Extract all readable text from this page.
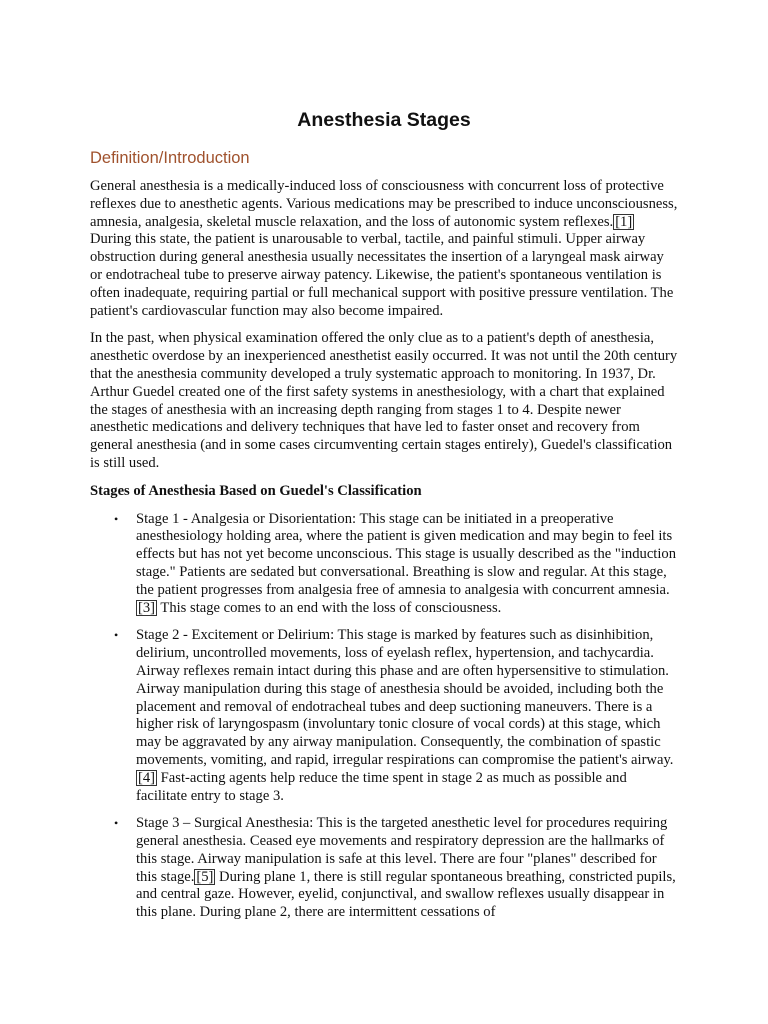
Anesthesia Stages
Definition/Introduction

General anesthesia is a medically-induced loss of consciousness with concurrent loss of protective reflexes due to anesthetic agents. Various medications may be prescribed to induce unconsciousness, amnesia, analgesia, skeletal muscle relaxation, and the loss of autonomic system reflexes. [1] During this state, the patient is unarousable to verbal, tactile, and painful stimuli. Upper airway obstruction during general anesthesia usually necessitates the insertion of a laryngeal mask airway or endotracheal tube to preserve airway patency. Likewise, the patient's spontaneous ventilation is often inadequate, requiring partial or full mechanical support with positive pressure ventilation. The patient's cardiovascular function may also become impaired.

In the past, when physical examination offered the only clue as to a patient's depth of anesthesia, anesthetic overdose by an inexperienced anesthetist easily occurred. It was not until the 20th century that the anesthesia community developed a truly systematic approach to monitoring. In 1937, Dr. Arthur Guedel created one of the first safety systems in anesthesiology, with a chart that explained the stages of anesthesia with an increasing depth ranging from stages 1 to 4. Despite newer anesthetic medications and delivery techniques that have led to faster onset and recovery from general anesthesia (and in some cases circumventing certain stages entirely), Guedel's classification is still used.

Stages of Anesthesia Based on Guedel's Classification
• Stage 1 - Analgesia or Disorientation: This stage can be initiated in a preoperative anesthesiology holding area, where the patient is given medication and may begin to feel its effects but has not yet become unconscious. This stage is usually described as the "induction stage." Patients are sedated but conversational. Breathing is slow and regular. At this stage, the patient progresses from analgesia free of amnesia to analgesia with concurrent amnesia.[3] This stage comes to an end with the loss of consciousness.
• Stage 2 - Excitement or Delirium: This stage is marked by features such as disinhibition, delirium, uncontrolled movements, loss of eyelash reflex, hypertension, and tachycardia. Airway reflexes remain intact during this phase and are often hypersensitive to stimulation. Airway manipulation during this stage of anesthesia should be avoided, including both the placement and removal of endotracheal tubes and deep suctioning maneuvers. There is a higher risk of laryngospasm (involuntary tonic closure of vocal cords) at this stage, which may be aggravated by any airway manipulation. Consequently, the combination of spastic movements, vomiting, and rapid, irregular respirations can compromise the patient's airway.[4] Fast-acting agents help reduce the time spent in stage 2 as much as possible and facilitate entry to stage 3.
• Stage 3 – Surgical Anesthesia: This is the targeted anesthetic level for procedures requiring general anesthesia. Ceased eye movements and respiratory depression are the hallmarks of this stage. Airway manipulation is safe at this level. There are four "planes" described for this stage. [5] During plane 1, there is still regular spontaneous breathing, constricted pupils, and central gaze. However, eyelid, conjunctival, and swallow reflexes usually disappear in this plane. During plane 2, there are intermittent cessations of
